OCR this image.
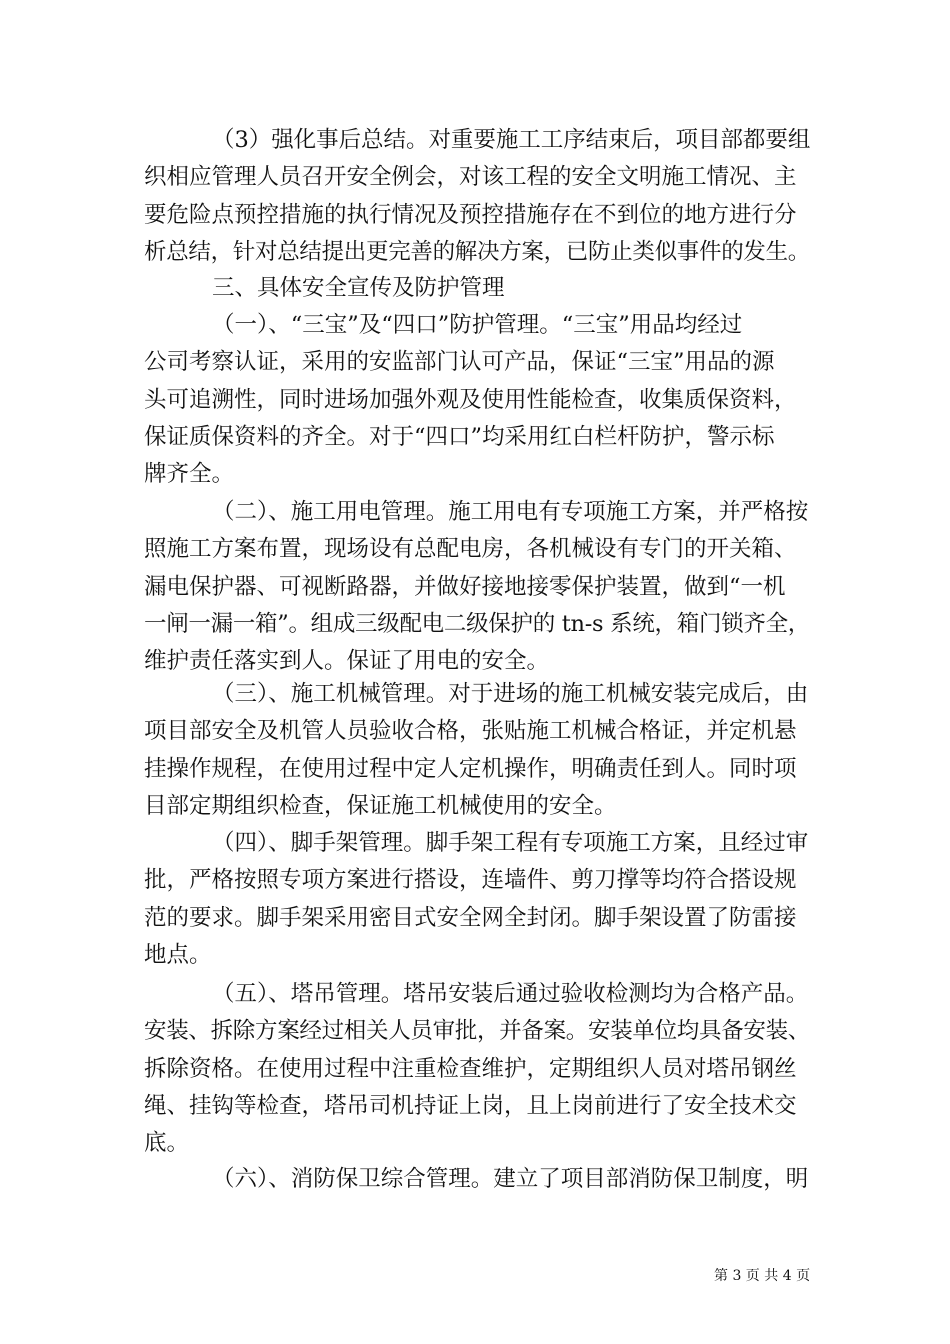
（3）强化事后总结。对重要施工工序结束后，项目部都要组
织相应管理人员召开安全例会，对该工程的安全文明施工情况、主
要危险点预控措施的执行情况及预控措施存在不到位的地方进行分
析总结，针对总结提出更完善的解决方案，已防止类似事件的发生。
三、具体安全宣传及防护管理
（一）、“三宝”及“四口”防护管理。“三宝”用品均经过
公司考察认证，采用的安监部门认可产品，保证“三宝”用品的源
头可追溯性，同时进场加强外观及使用性能检查，收集质保资料，
保证质保资料的齐全。对于“四口”均采用红白栏杆防护，警示标
牌齐全。
（二）、施工用电管理。施工用电有专项施工方案，并严格按
照施工方案布置，现场设有总配电房，各机械设有专门的开关箱、
漏电保护器、可视断路器，并做好接地接零保护装置，做到“一机
一闸一漏一箱”。组成三级配电二级保护的 tn-s 系统，箱门锁齐全，
维护责任落实到人。保证了用电的安全。
（三）、施工机械管理。对于进场的施工机械安装完成后，由
项目部安全及机管人员验收合格，张贴施工机械合格证，并定机悬
挂操作规程，在使用过程中定人定机操作，明确责任到人。同时项
目部定期组织检查，保证施工机械使用的安全。
（四）、脚手架管理。脚手架工程有专项施工方案，且经过审
批，严格按照专项方案进行搭设，连墙件、剪刀撑等均符合搭设规
范的要求。脚手架采用密目式安全网全封闭。脚手架设置了防雷接
地点。
（五）、塔吊管理。塔吊安装后通过验收检测均为合格产品。
安装、拆除方案经过相关人员审批，并备案。安装单位均具备安装、
拆除资格。在使用过程中注重检查维护，定期组织人员对塔吊钢丝
绳、挂钩等检查，塔吊司机持证上岗，且上岗前进行了安全技术交
底。
（六）、消防保卫综合管理。建立了项目部消防保卫制度，明
第 3 页 共 4 页
